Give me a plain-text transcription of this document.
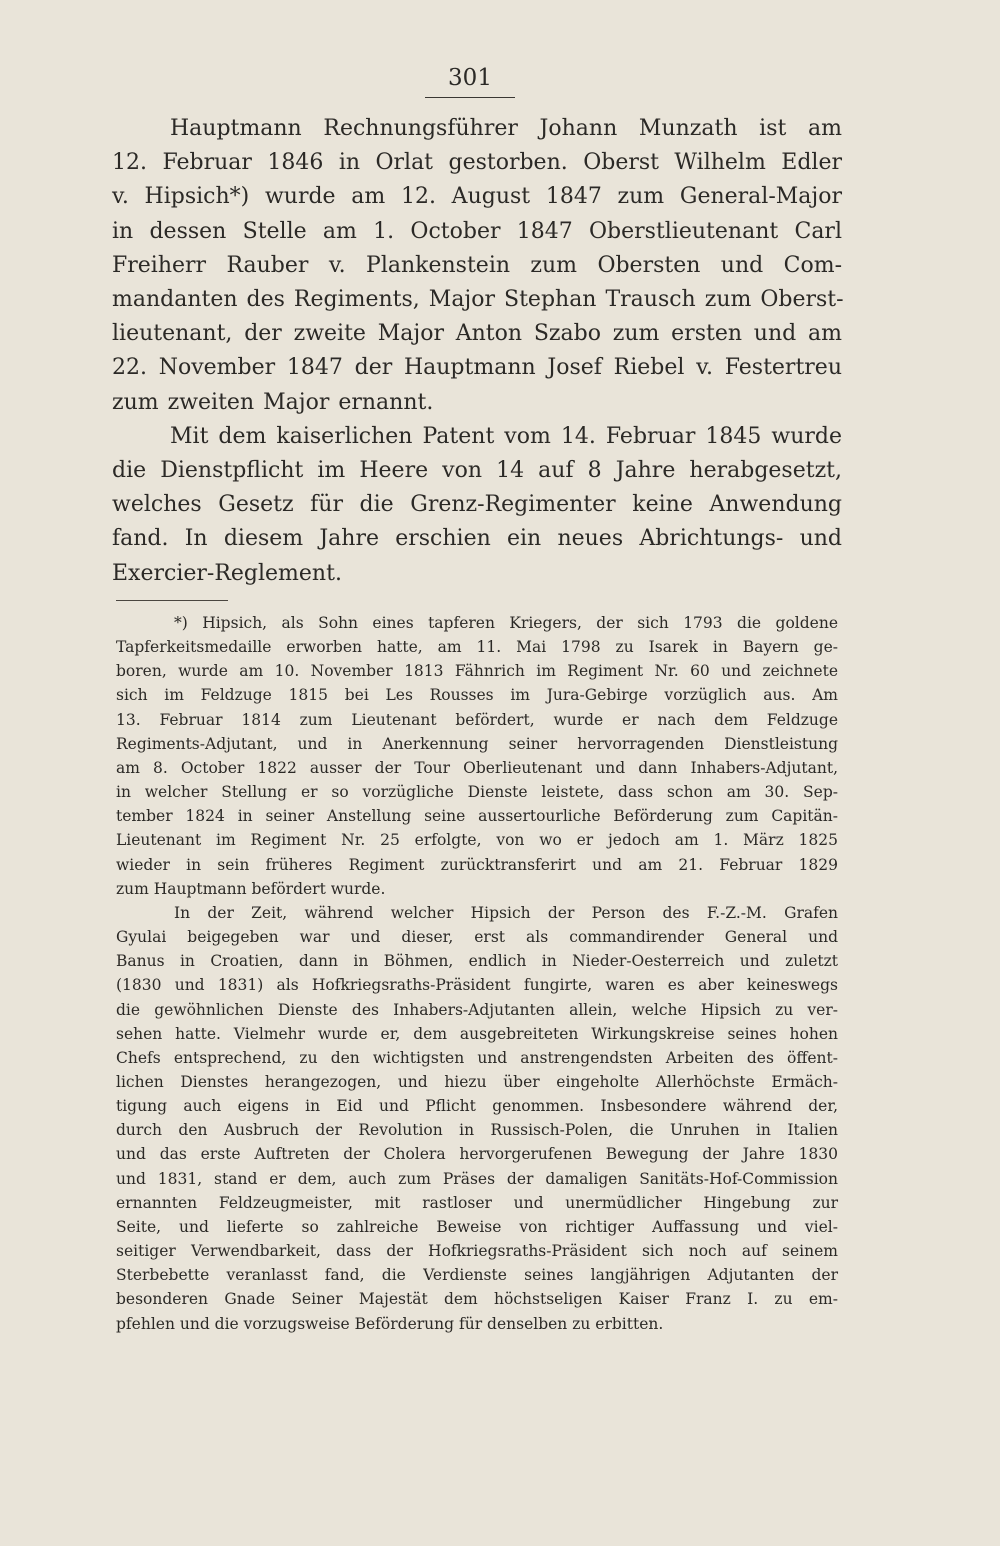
301
Hauptmann Rechnungsführer Johann Munzath ist am
12. Februar 1846 in Orlat gestorben. Oberst Wilhelm Edler
v. Hipsich*) wurde am 12. August 1847 zum General-Major
in dessen Stelle am 1. October 1847 Oberstlieutenant Carl
Freiherr Rauber v. Plankenstein zum Obersten und Com-
mandanten des Regiments, Major Stephan Trausch zum Oberst-
lieutenant, der zweite Major Anton Szabo zum ersten und am
22. November 1847 der Hauptmann Josef Riebel v. Festertreu
zum zweiten Major ernannt.
Mit dem kaiserlichen Patent vom 14. Februar 1845 wurde
die Dienstpflicht im Heere von 14 auf 8 Jahre herabgesetzt,
welches Gesetz für die Grenz-Regimenter keine Anwendung
fand. In diesem Jahre erschien ein neues Abrichtungs- und
Exercier-Reglement.
*) Hipsich, als Sohn eines tapferen Kriegers, der sich 1793 die goldene
Tapferkeitsmedaille erworben hatte, am 11. Mai 1798 zu Isarek in Bayern ge-
boren, wurde am 10. November 1813 Fähnrich im Regiment Nr. 60 und zeichnete
sich im Feldzuge 1815 bei Les Rousses im Jura-Gebirge vorzüglich aus. Am
13. Februar 1814 zum Lieutenant befördert, wurde er nach dem Feldzuge
Regiments-Adjutant, und in Anerkennung seiner hervorragenden Dienstleistung
am 8. October 1822 ausser der Tour Oberlieutenant und dann Inhabers-Adjutant,
in welcher Stellung er so vorzügliche Dienste leistete, dass schon am 30. Sep-
tember 1824 in seiner Anstellung seine aussertourliche Beförderung zum Capitän-
Lieutenant im Regiment Nr. 25 erfolgte, von wo er jedoch am 1. März 1825
wieder in sein früheres Regiment zurücktransferirt und am 21. Februar 1829
zum Hauptmann befördert wurde.
In der Zeit, während welcher Hipsich der Person des F.-Z.-M. Grafen
Gyulai beigegeben war und dieser, erst als commandirender General und
Banus in Croatien, dann in Böhmen, endlich in Nieder-Oesterreich und zuletzt
(1830 und 1831) als Hofkriegsraths-Präsident fungirte, waren es aber keineswegs
die gewöhnlichen Dienste des Inhabers-Adjutanten allein, welche Hipsich zu ver-
sehen hatte. Vielmehr wurde er, dem ausgebreiteten Wirkungskreise seines hohen
Chefs entsprechend, zu den wichtigsten und anstrengendsten Arbeiten des öffent-
lichen Dienstes herangezogen, und hiezu über eingeholte Allerhöchste Ermäch-
tigung auch eigens in Eid und Pflicht genommen. Insbesondere während der,
durch den Ausbruch der Revolution in Russisch-Polen, die Unruhen in Italien
und das erste Auftreten der Cholera hervorgerufenen Bewegung der Jahre 1830
und 1831, stand er dem, auch zum Präses der damaligen Sanitäts-Hof-Commission
ernannten Feldzeugmeister, mit rastloser und unermüdlicher Hingebung zur
Seite, und lieferte so zahlreiche Beweise von richtiger Auffassung und viel-
seitiger Verwendbarkeit, dass der Hofkriegsraths-Präsident sich noch auf seinem
Sterbebette veranlasst fand, die Verdienste seines langjährigen Adjutanten der
besonderen Gnade Seiner Majestät dem höchstseligen Kaiser Franz I. zu em-
pfehlen und die vorzugsweise Beförderung für denselben zu erbitten.
